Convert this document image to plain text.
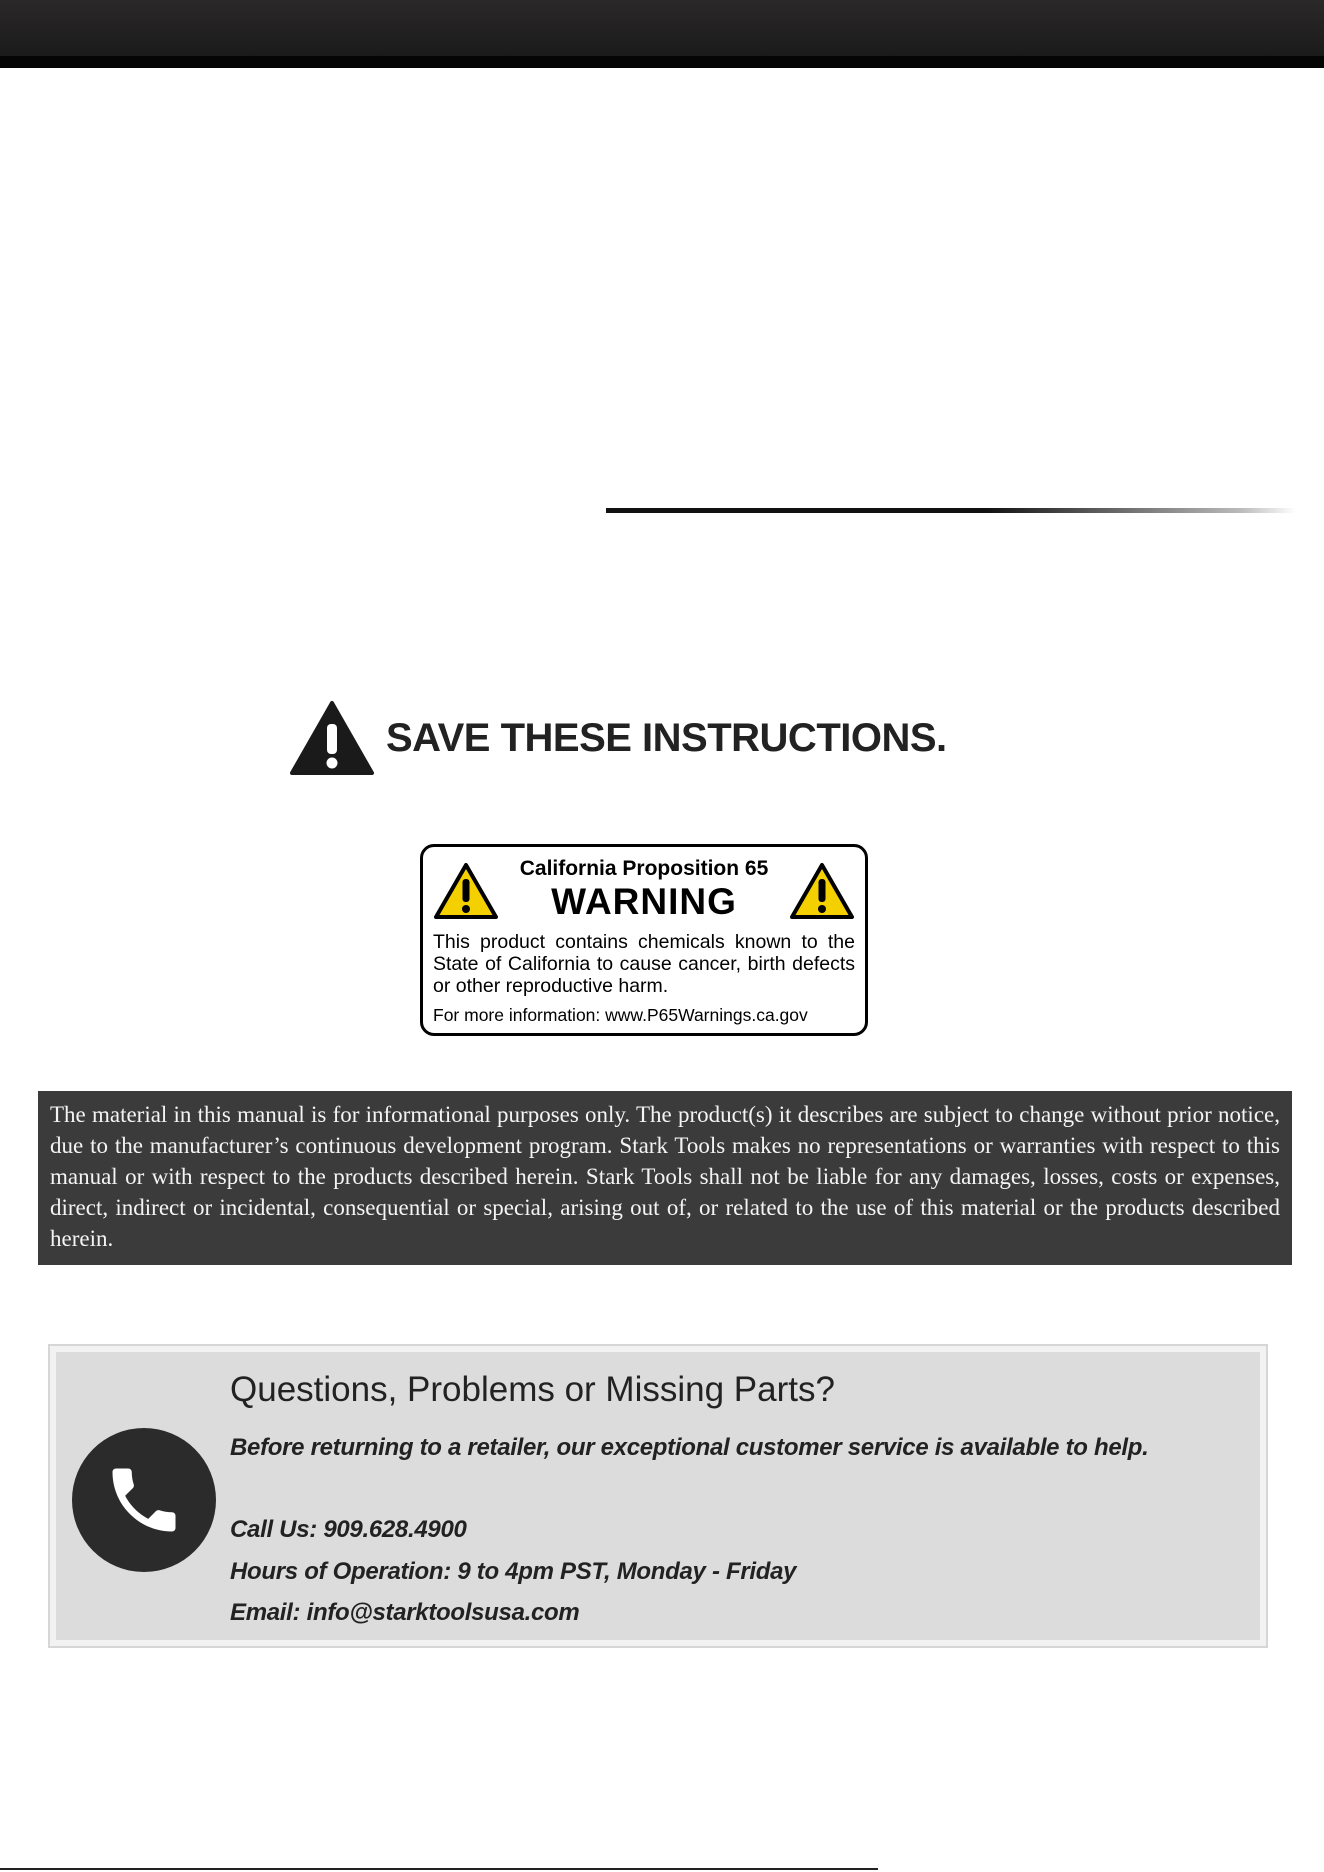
SAVE THESE INSTRUCTIONS.
California Proposition 65
WARNING
This product contains chemicals known to the State of California to cause cancer, birth defects or other reproductive harm.
For more information: www.P65Warnings.ca.gov
The material in this manual is for informational purposes only. The product(s) it describes are subject to change without prior notice, due to the manufacturer’s continuous development program. Stark Tools makes no representations or warranties with respect to this manual or with respect to the products described herein. Stark Tools shall not be liable for any damages, losses, costs or expenses, direct, indirect or incidental, consequential or special, arising out of, or related to the use of this material or the products described herein.
Questions, Problems or Missing Parts?
Before returning to a retailer, our exceptional customer service is available to help.
Call Us: 909.628.4900
Hours of Operation: 9 to 4pm PST, Monday - Friday
Email: info@starktoolsusa.com
